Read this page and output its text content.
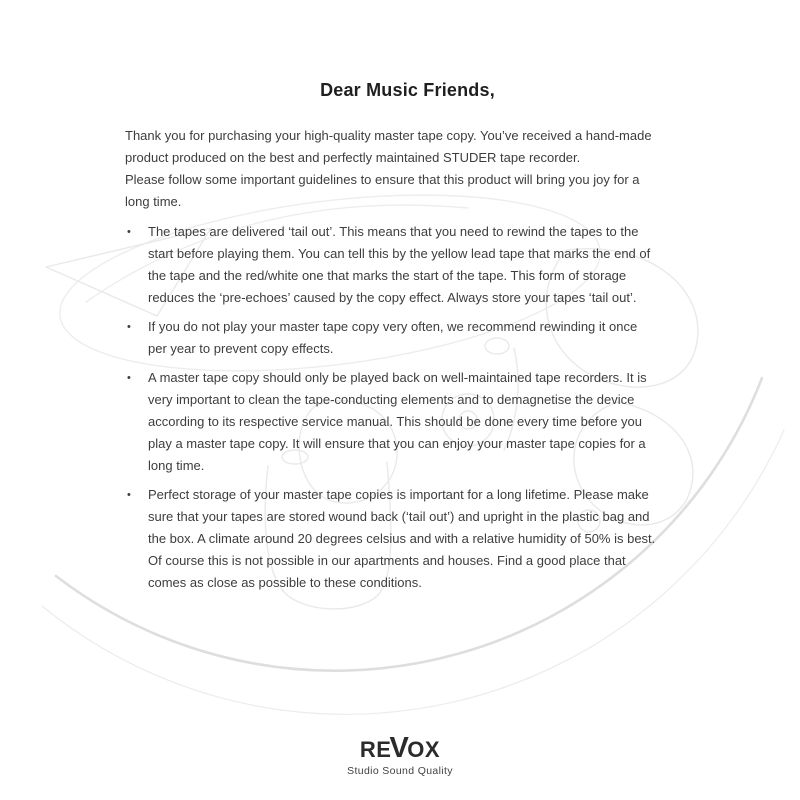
Dear Music Friends,

Thank you for purchasing your high-quality master tape copy. You’ve received a hand-made
product produced on the best and perfectly maintained STUDER tape recorder.
Please follow some important guidelines to ensure that this product will bring you joy for a
long time.

•	The tapes are delivered ‘tail out’. This means that you need to rewind the tapes to the
start before playing them. You can tell this by the yellow lead tape that marks the end of
the tape and the red/white one that marks the start of the tape. This form of storage
reduces the ‘pre-echoes’ caused by the copy effect. Always store your tapes ‘tail out’.
•	If you do not play your master tape copy very often, we recommend rewinding it once
per year to prevent copy effects.
•	A master tape copy should only be played back on well-maintained tape recorders. It is
very important to clean the tape-conducting elements and to demagnetise the device
according to its respective service manual. This should be done every time before you
play a master tape copy. It will ensure that you can enjoy your master tape copies for a
long time.
•	Perfect storage of your master tape copies is important for a long lifetime. Please make
sure that your tapes are stored wound back (‘tail out’) and upright in the plastic bag and
the box. A climate around 20 degrees celsius and with a relative humidity of 50% is best.
Of course this is not possible in our apartments and houses. Find a good place that
comes as close as possible to these conditions.
RE
V
OX
Studio Sound Quality
